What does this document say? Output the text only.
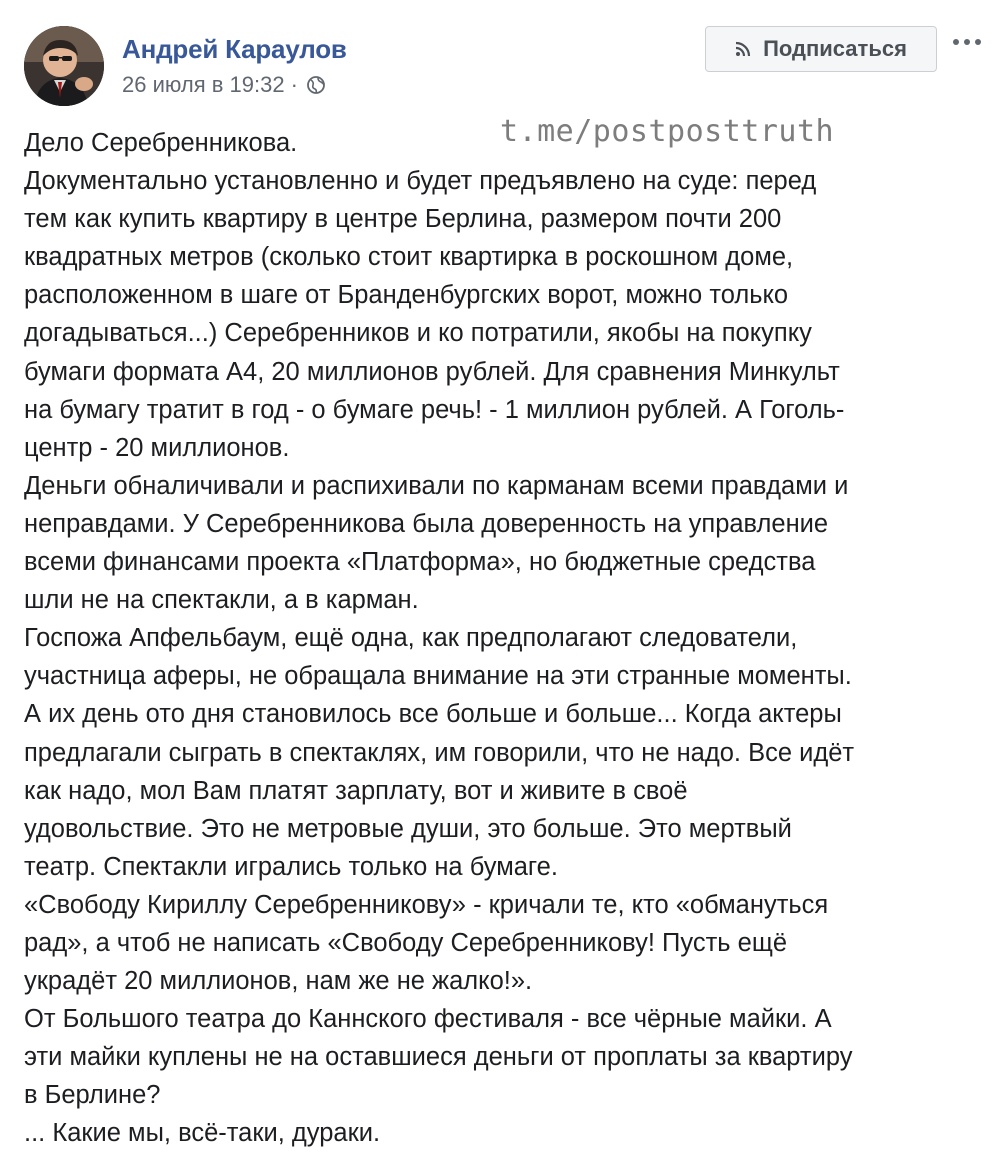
Андрей Караулов
26 июля в 19:32 ·
Подписаться
t.me/postposttruth

Дело Серебренникова.

Документально установленно и будет предъявлено на суде: перед

тем как купить квартиру в центре Берлина, размером почти 200

квадратных метров (сколько стоит квартирка в роскошном доме,

расположенном в шаге от Бранденбургских ворот, можно только

догадываться...) Серебренников и ко потратили, якобы на покупку

бумаги формата А4, 20 миллионов рублей. Для сравнения Минкульт

на бумагу тратит в год - о бумаге речь! - 1 миллион рублей. А Гоголь-

центр - 20 миллионов.

Деньги обналичивали и распихивали по карманам всеми правдами и

неправдами. У Серебренникова была доверенность на управление

всеми финансами проекта «Платформа», но бюджетные средства

шли не на спектакли, а в карман.

Госпожа Апфельбаум, ещё одна, как предполагают следователи,

участница аферы, не обращала внимание на эти странные моменты.

А их день ото дня становилось все больше и больше... Когда актеры

предлагали сыграть в спектаклях, им говорили, что не надо. Все идёт

как надо, мол Вам платят зарплату, вот и живите в своё

удовольствие. Это не метровые души, это больше. Это мертвый

театр. Спектакли игрались только на бумаге.

«Свободу Кириллу Серебренникову» - кричали те, кто «обмануться

рад», а чтоб не написать «Свободу Серебренникову! Пусть ещё

украдёт 20 миллионов, нам же не жалко!».

От Большого театра до Каннского фестиваля - все чёрные майки. А

эти майки куплены не на оставшиеся деньги от проплаты за квартиру

в Берлине?

... Какие мы, всё-таки, дураки.
